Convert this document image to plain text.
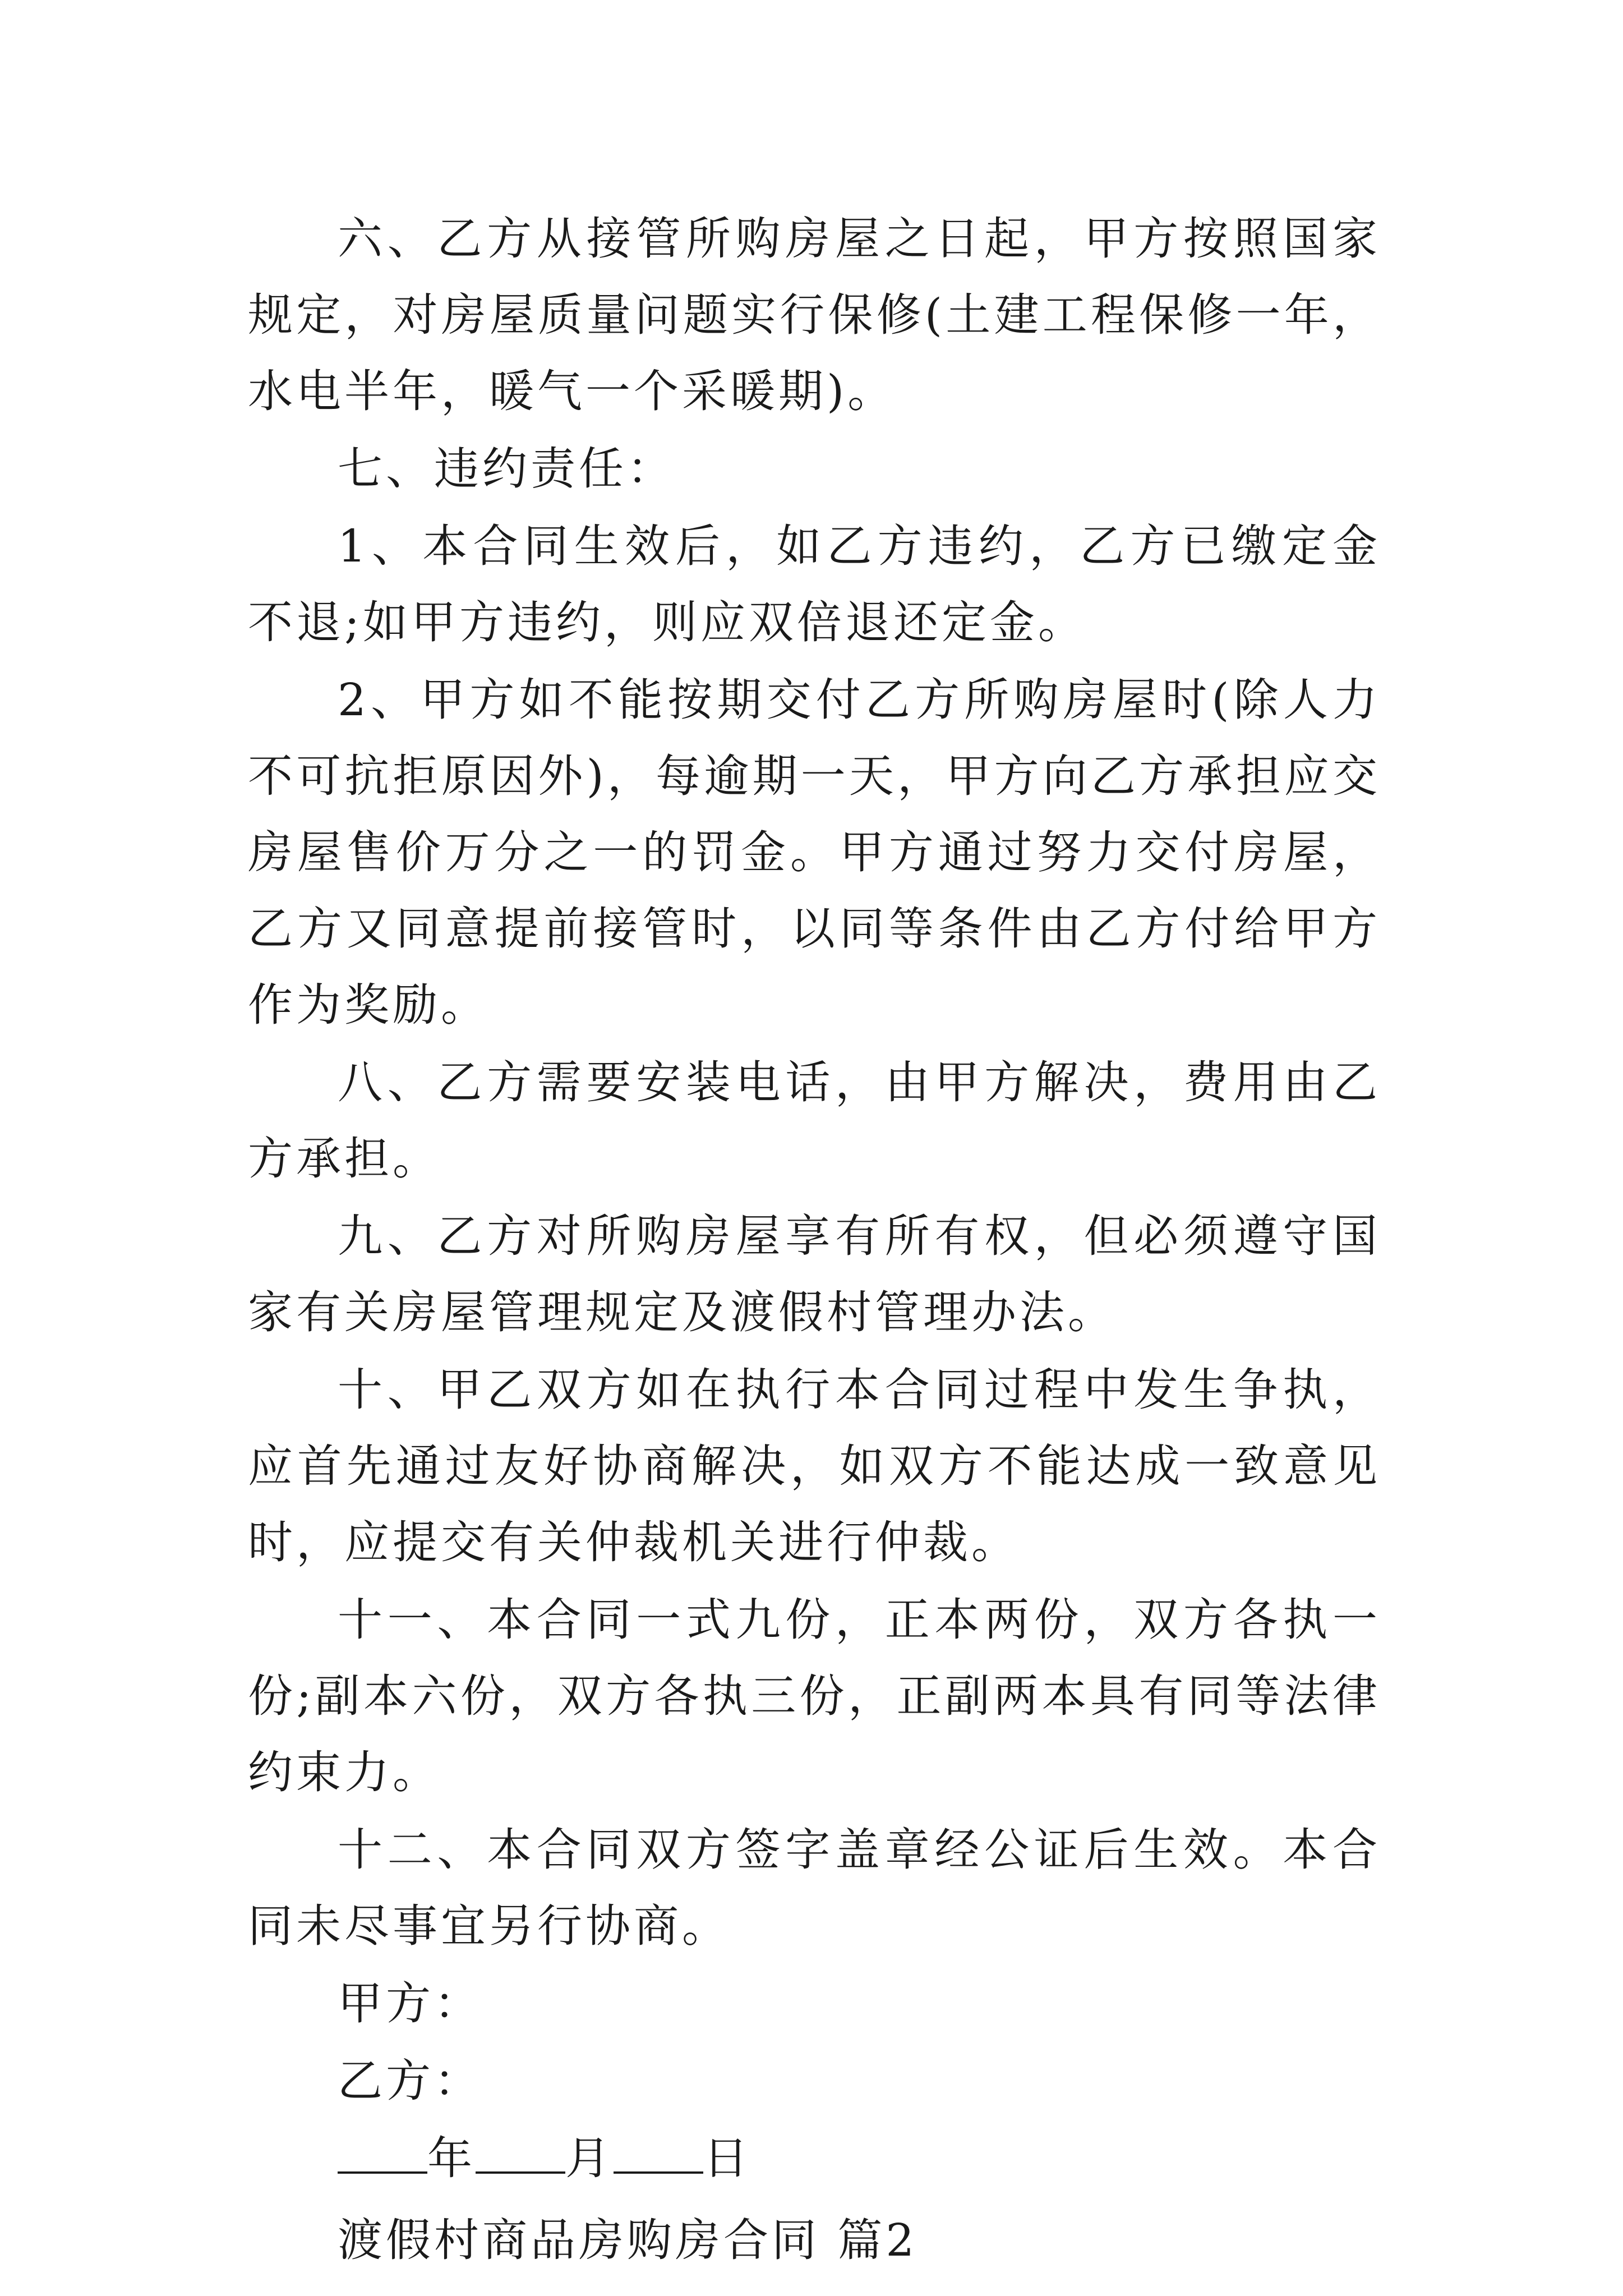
六、乙方从接管所购房屋之日起，甲方按照国家规定，对房屋质量问题实行保修(土建工程保修一年，水电半年，暖气一个采暖期)。

七、违约责任：

1、本合同生效后，如乙方违约，乙方已缴定金不退;如甲方违约，则应双倍退还定金。

2、甲方如不能按期交付乙方所购房屋时(除人力不可抗拒原因外)，每逾期一天，甲方向乙方承担应交房屋售价万分之一的罚金。甲方通过努力交付房屋，乙方又同意提前接管时，以同等条件由乙方付给甲方作为奖励。

八、乙方需要安装电话，由甲方解决，费用由乙方承担。

九、乙方对所购房屋享有所有权，但必须遵守国家有关房屋管理规定及渡假村管理办法。

十、甲乙双方如在执行本合同过程中发生争执，应首先通过友好协商解决，如双方不能达成一致意见时，应提交有关仲裁机关进行仲裁。

十一、本合同一式九份，正本两份，双方各执一份;副本六份，双方各执三份，正副两本具有同等法律约束力。

十二、本合同双方签字盖章经公证后生效。本合同未尽事宜另行协商。

甲方：

乙方：

年 月 日

渡假村商品房购房合同 篇2
